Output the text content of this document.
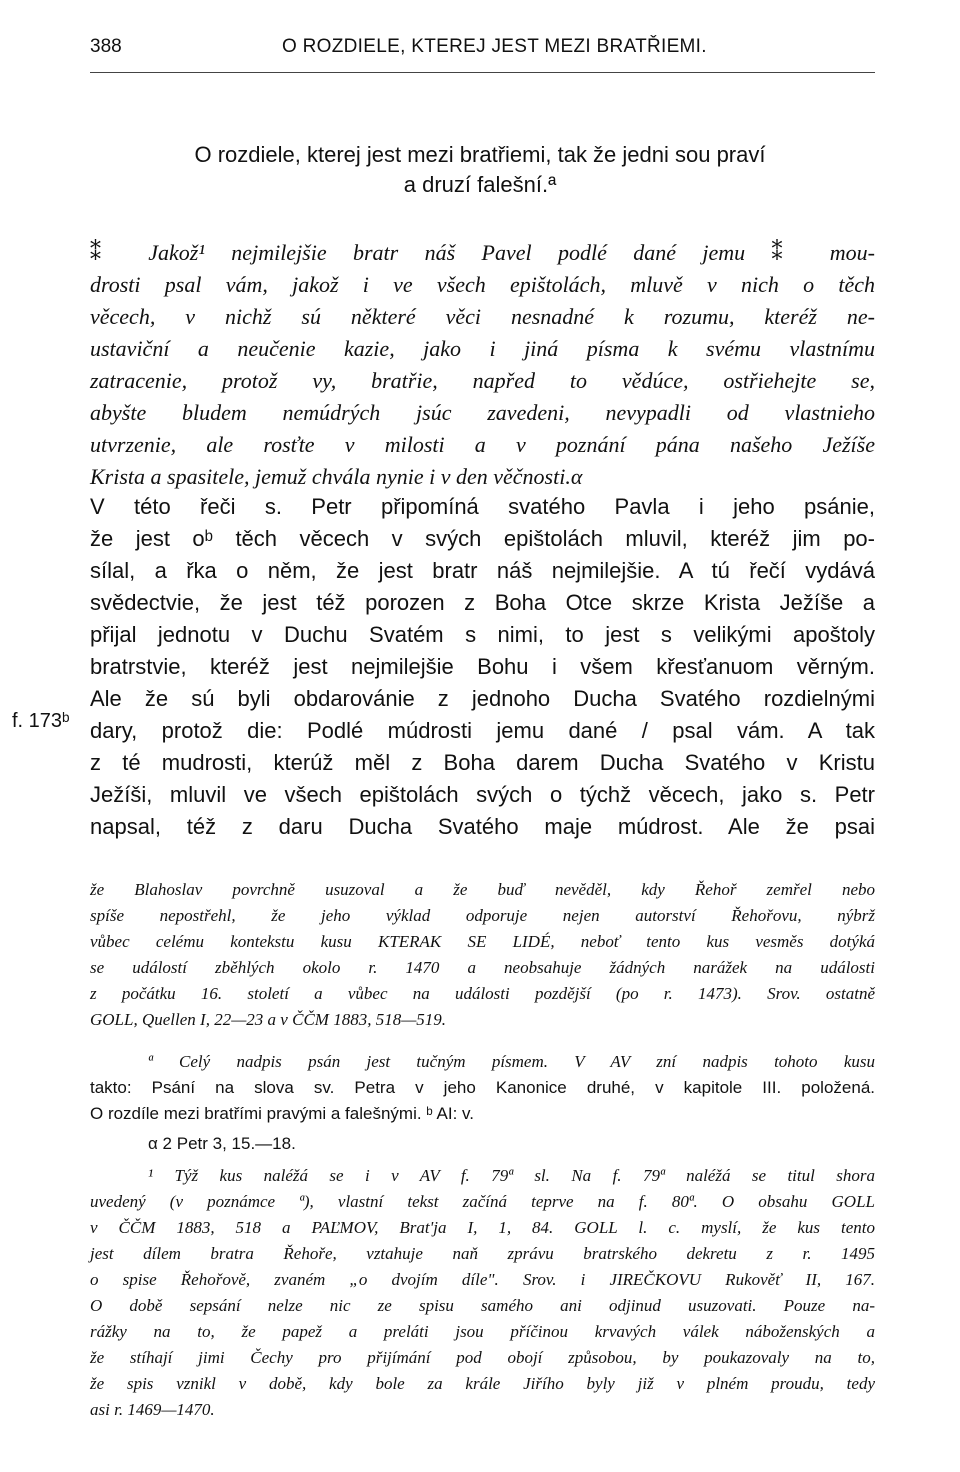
388	O ROZDIELE, KTEREJ JEST MEZI BRATŘIEMI.
O rozdiele, kterej jest mezi bratřiemi, tak že jedni sou praví
a druzí falešní.ª
⁑ Jakož¹ nejmilejšie bratr náš Pavel podlé dané jemu ⁑ mou-
drosti psal vám, jakož i ve všech epištolách, mluvě v nich o těch
věcech, v nichž sú některé věci nesnadné k rozumu, kteréž ne-
ustaviční a neučenie kazie, jako i jiná písma k svému vlastnímu
zatracenie, protož vy, bratřie, napřed to vědúce, ostřiehejte se,
abyšte bludem nemúdrých jsúc zavedeni, nevypadli od vlastnieho
utvrzenie, ale rosťte v milosti a v poznání pána našeho Ježíše
Krista a spasitele, jemuž chvála nynie i v den věčnosti.α
V této řeči s. Petr připomíná svatého Pavla i jeho psánie,
že jest oᵇ těch věcech v svých epištolách mluvil, kteréž jim po-
sílal, a řka o něm, že jest bratr náš nejmilejšie. A tú řečí vydává
svědectvie, že jest též porozen z Boha Otce skrze Krista Ježíše a
přijal jednotu v Duchu Svatém s nimi, to jest s velikými apoštoly
bratrstvie, kteréž jest nejmilejšie Bohu i všem křesťanuom věrným.
Ale že sú byli obdarovánie z jednoho Ducha Svatého rozdielnými
dary, protož die: Podlé múdrosti jemu dané / psal vám. A tak
z té mudrosti, kterúž měl z Boha darem Ducha Svatého v Kristu
Ježíši, mluvil ve všech epištolách svých o týchž věcech, jako s. Petr
napsal, též z daru Ducha Svatého maje múdrost. Ale že psai
f. 173ᵇ
že Blahoslav povrchně usuzoval a že buď nevěděl, kdy Řehoř zemřel nebo
spíše nepostřehl, že jeho výklad odporuje nejen autorství Řehořovu, nýbrž
vůbec celému kontekstu kusu KTERAK SE LIDÉ, neboť tento kus vesměs dotýká
se událostí zběhlých okolo r. 1470 a neobsahuje žádných narážek na události
z počátku 16. století a vůbec na události pozdější (po r. 1473). Srov. ostatně
GOLL, Quellen I, 22—23 a v ČČM 1883, 518—519.
ª Celý nadpis psán jest tučným písmem. V AV zní nadpis tohoto kusu
takto: Psání na slova sv. Petra v jeho Kanonice druhé, v kapitole III. položená.
O rozdíle mezi bratřími pravými a falešnými. ᵇ AI: v.
α 2 Petr 3, 15.—18.
¹ Týž kus naléžá se i v AV f. 79ª sl. Na f. 79ª naléžá se titul shora
uvedený (v poznámce ª), vlastní tekst začíná teprve na f. 80ª. O obsahu GOLL
v ČČM 1883, 518 a PAĽMOV, Brat'ja I, 1, 84. GOLL l. c. myslí, že kus tento
jest dílem bratra Řehoře, vztahuje naň zprávu bratrského dekretu z r. 1495
o spise Řehořově, zvaném „o dvojím díle". Srov. i JIREČKOVU Rukověť II, 167.
O době sepsání nelze nic ze spisu samého ani odjinud usuzovati. Pouze na-
rážky na to, že papež a preláti jsou příčinou krvavých válek náboženských a
že stíhají jimi Čechy pro přijímání pod obojí způsobou, by poukazovaly na to,
že spis vznikl v době, kdy bole za krále Jiřího byly již v plném proudu, tedy
asi r. 1469—1470.
